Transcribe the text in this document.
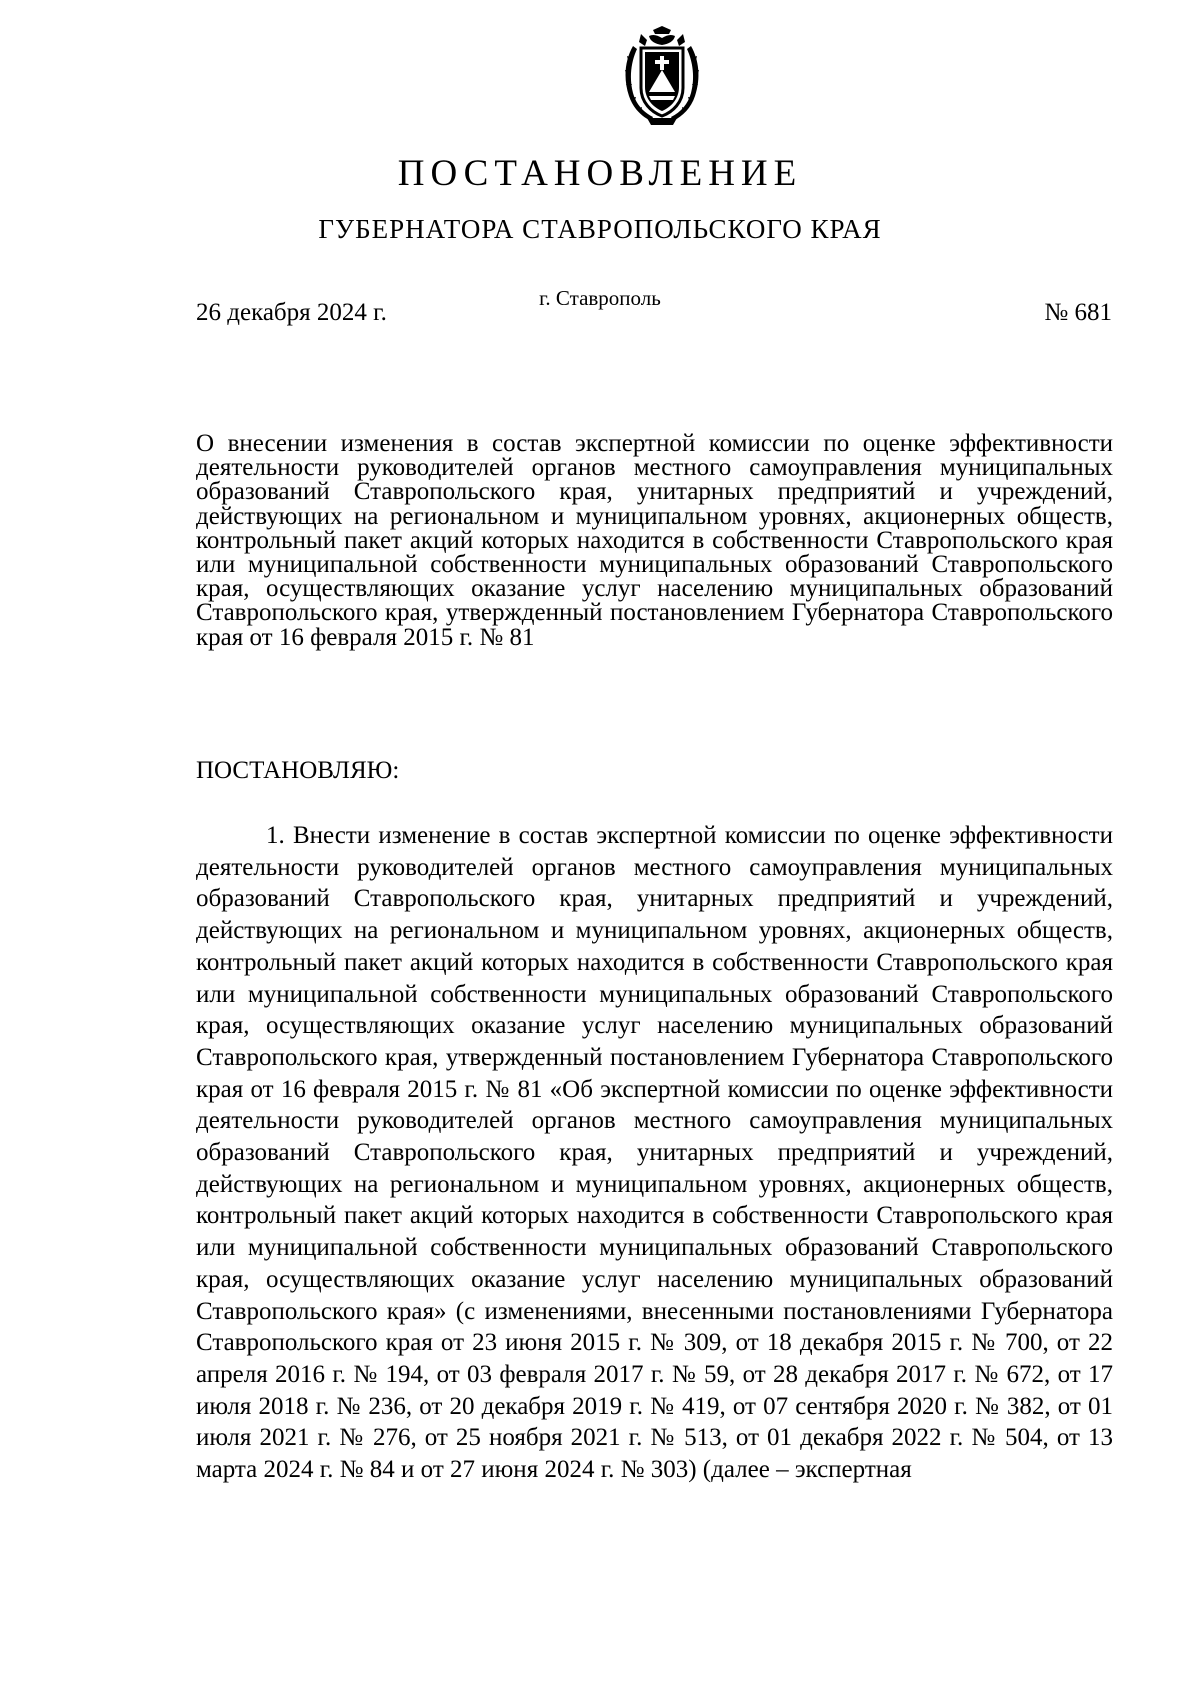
ПОСТАНОВЛЕНИЕ
ГУБЕРНАТОРА СТАВРОПОЛЬСКОГО КРАЯ
26 декабря 2024 г.
г. Ставрополь
№ 681
О внесении изменения в состав экспертной комиссии по оценке эффективности деятельности руководителей органов местного самоуправления муниципальных образований Ставропольского края, унитарных предприятий и учреждений, действующих на региональном и муниципальном уровнях, акционерных обществ, контрольный пакет акций которых находится в собственности Ставропольского края или муниципальной собственности муниципальных образований Ставропольского края, осуществляющих оказание услуг населению муниципальных образований Ставропольского края, утвержденный постановлением Губернатора Ставропольского края от 16 февраля 2015 г. № 81
ПОСТАНОВЛЯЮ:
1. Внести изменение в состав экспертной комиссии по оценке эффективности деятельности руководителей органов местного самоуправления муниципальных образований Ставропольского края, унитарных предприятий и учреждений, действующих на региональном и муниципальном уровнях, акционерных обществ, контрольный пакет акций которых находится в собственности Ставропольского края или муниципальной собственности муниципальных образований Ставропольского края, осуществляющих оказание услуг населению муниципальных образований Ставропольского края, утвержденный постановлением Губернатора Ставропольского края от 16 февраля 2015 г. № 81 «Об экспертной комиссии по оценке эффективности деятельности руководителей органов местного самоуправления муниципальных образований Ставропольского края, унитарных предприятий и учреждений, действующих на региональном и муниципальном уровнях, акционерных обществ, контрольный пакет акций которых находится в собственности Ставропольского края или муниципальной собственности муниципальных образований Ставропольского края, осуществляющих оказание услуг населению муниципальных образований Ставропольского края» (с изменениями, внесенными постановлениями Губернатора Ставропольского края от 23 июня 2015 г. № 309, от 18 декабря 2015 г. № 700, от 22 апреля 2016 г. № 194, от 03 февраля 2017 г. № 59, от 28 декабря 2017 г. № 672, от 17 июля 2018 г. № 236, от 20 декабря 2019 г. № 419, от 07 сентября 2020 г. № 382, от 01 июля 2021 г. № 276, от 25 ноября 2021 г. № 513, от 01 декабря 2022 г. № 504, от 13 марта 2024 г. № 84 и от 27 июня 2024 г. № 303) (далее – экспертная
